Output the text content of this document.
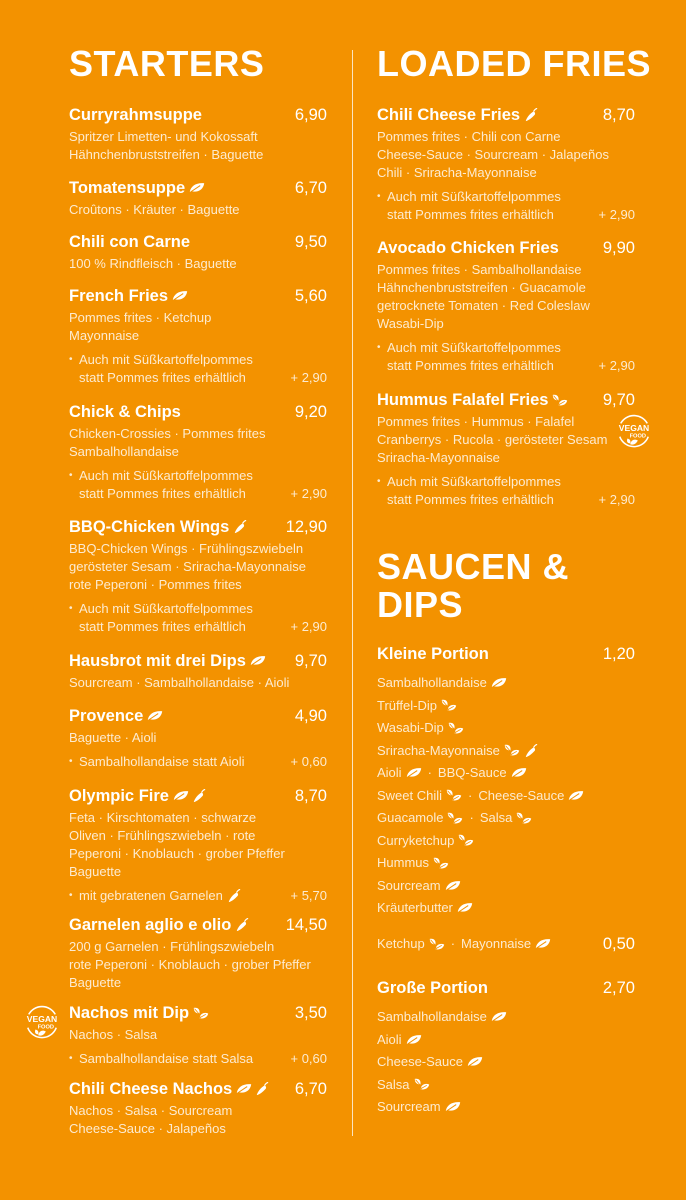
STARTERS
Curryrahmsuppe	6,90
Spritzer Limetten- und Kokossaft
Hähnchenbruststreifen · Baguette
Tomatensuppe	6,70
Croûtons · Kräuter · Baguette
Chili con Carne	9,50
100 % Rindfleisch · Baguette
French Fries	5,60
Pommes frites · Ketchup
Mayonnaise
• Auch mit Süßkartoffelpommes
statt Pommes frites erhältlich	+ 2,90
Chick & Chips	9,20
Chicken-Crossies · Pommes frites
Sambalhollandaise
• Auch mit Süßkartoffelpommes
statt Pommes frites erhältlich	+ 2,90
BBQ-Chicken Wings	12,90
BBQ-Chicken Wings · Frühlingszwiebeln
gerösteter Sesam · Sriracha-Mayonnaise
rote Peperoni · Pommes frites
• Auch mit Süßkartoffelpommes
statt Pommes frites erhältlich	+ 2,90
Hausbrot mit drei Dips	9,70
Sourcream · Sambalhollandaise · Aioli
Provence	4,90
Baguette · Aioli
• Sambalhollandaise statt Aioli	+ 0,60
Olympic Fire	8,70
Feta · Kirschtomaten · schwarze
Oliven · Frühlingszwiebeln · rote
Peperoni · Knoblauch · grober Pfeffer
Baguette
• mit gebratenen Garnelen	+ 5,70
Garnelen aglio e olio	14,50
200 g Garnelen · Frühlingszwiebeln
rote Peperoni · Knoblauch · grober Pfeffer
Baguette
Nachos mit Dip	3,50
Nachos · Salsa
• Sambalhollandaise statt Salsa	+ 0,60
VEGAN
FOOD
Chili Cheese Nachos	6,70
Nachos · Salsa · Sourcream
Cheese-Sauce · Jalapeños
LOADED FRIES
Chili Cheese Fries	8,70
Pommes frites · Chili con Carne
Cheese-Sauce · Sourcream · Jalapeños
Chili · Sriracha-Mayonnaise
• Auch mit Süßkartoffelpommes
statt Pommes frites erhältlich	+ 2,90
Avocado Chicken Fries	9,90
Pommes frites · Sambalhollandaise
Hähnchenbruststreifen · Guacamole
getrocknete Tomaten · Red Coleslaw
Wasabi-Dip
• Auch mit Süßkartoffelpommes
statt Pommes frites erhältlich	+ 2,90
Hummus Falafel Fries	9,70
Pommes frites · Hummus · Falafel
Cranberrys · Rucola · gerösteter Sesam
Sriracha-Mayonnaise
• Auch mit Süßkartoffelpommes
statt Pommes frites erhältlich	+ 2,90
VEGAN
FOOD
SAUCEN &
DIPS
Kleine Portion	1,20
Sambalhollandaise
Trüffel-Dip
Wasabi-Dip
Sriracha-Mayonnaise
Aioli · BBQ-Sauce
Sweet Chili · Cheese-Sauce
Guacamole · Salsa
Curryketchup
Hummus
Sourcream
Kräuterbutter
Ketchup · Mayonnaise	0,50
Große Portion	2,70
Sambalhollandaise
Aioli
Cheese-Sauce
Salsa
Sourcream
